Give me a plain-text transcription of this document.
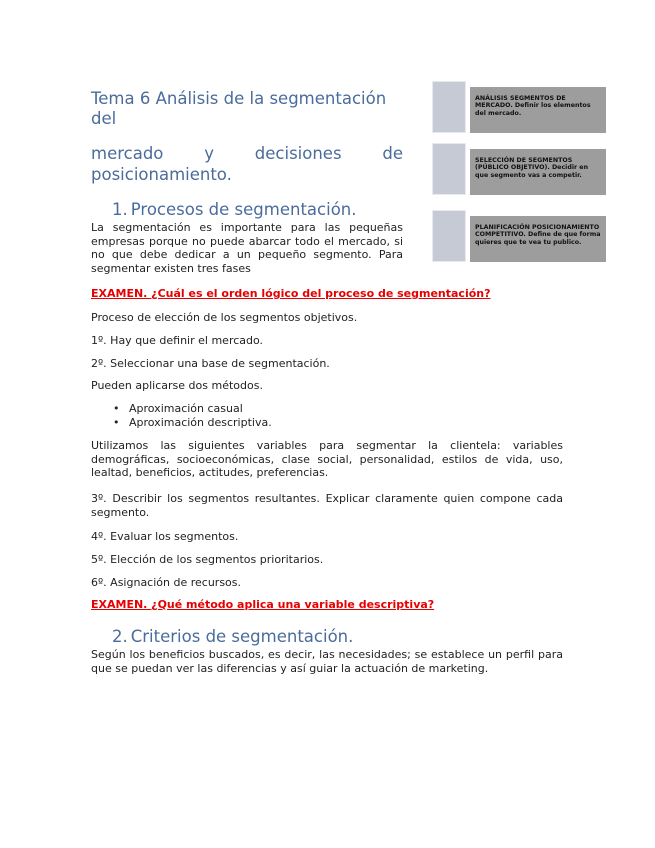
Tema 6 Análisis de la segmentación del
mercado y decisiones de
posicionamiento.
1. Procesos de segmentación.
La segmentación es importante para las pequeñas empresas porque no puede abarcar todo el mercado, si no que debe dedicar a un pequeño segmento. Para segmentar existen tres fases
ANÁLISIS SEGMENTOS DE MERCADO. Definir los elementos del mercado.
SELECCIÓN DE SEGMENTOS (PÚBLICO OBJETIVO). Decidir en que segmento vas a competir.
PLANIFICACIÓN POSICIONAMIENTO COMPETITIVO. Define de que forma quieres que te vea tu publico.
EXAMEN. ¿Cuál es el orden lógico del proceso de segmentación?
Proceso de elección de los segmentos objetivos.
1º. Hay que definir el mercado.
2º. Seleccionar una base de segmentación.
Pueden aplicarse dos métodos.
• Aproximación casual
• Aproximación descriptiva.
Utilizamos las siguientes variables para segmentar la clientela: variables demográficas, socioeconómicas, clase social, personalidad, estilos de vida, uso, lealtad, beneficios, actitudes, preferencias.
3º. Describir los segmentos resultantes. Explicar claramente quien compone cada segmento.
4º. Evaluar los segmentos.
5º. Elección de los segmentos prioritarios.
6º. Asignación de recursos.
EXAMEN. ¿Qué método aplica una variable descriptiva?
2. Criterios de segmentación.
Según los beneficios buscados, es decir, las necesidades; se establece un perfil para que se puedan ver las diferencias y así guiar la actuación de marketing.
